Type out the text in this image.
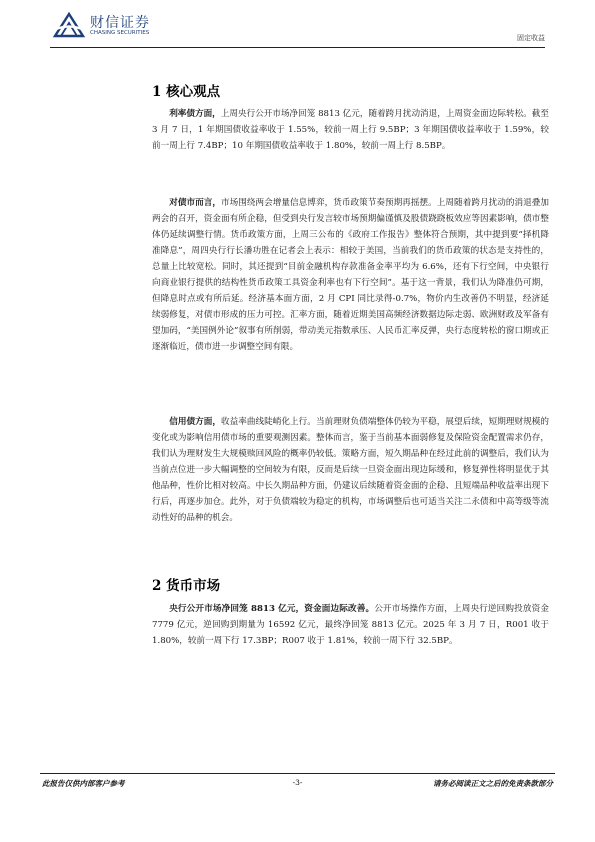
财信证券
CHASING SECURITIES
固定收益
1 核心观点

利率债方面，上周央行公开市场净回笼 8813 亿元，随着跨月扰动消退，上周资金面边际转松。截至 3 月 7 日，1 年期国债收益率收于 1.55%，较前一周上行 9.5BP；3 年期国债收益率收于 1.59%，较前一周上行 7.4BP；10 年期国债收益率收于 1.80%，较前一周上行 8.5BP。

对债市而言，市场围绕两会增量信息博弈，货币政策节奏预期再摇摆。上周随着跨月扰动的消退叠加两会的召开，资金面有所企稳，但受到央行发言较市场预期偏谨慎及股债跷跷板效应等因素影响，债市整体仍延续调整行情。货币政策方面，上周三公布的《政府工作报告》整体符合预期，其中提到要“择机降准降息”，周四央行行长潘功胜在记者会上表示：相较于美国，当前我们的货币政策的状态是支持性的，总量上比较宽松。同时，其还提到“目前金融机构存款准备金率平均为 6.6%，还有下行空间，中央银行向商业银行提供的结构性货币政策工具资金利率也有下行空间”。基于这一背景，我们认为降准仍可期，但降息时点或有所后延。经济基本面方面，2 月 CPI 同比录得-0.7%，物价内生改善仍不明显，经济延续弱修复，对债市形成的压力可控。汇率方面，随着近期美国高频经济数据边际走弱、欧洲财政及军备有望加码，“美国例外论”叙事有所削弱，带动美元指数承压、人民币汇率反弹，央行态度转松的窗口期或正逐渐临近，债市进一步调整空间有限。

信用债方面，收益率曲线陡峭化上行。当前理财负债端整体仍较为平稳，展望后续，短期理财规模的变化或为影响信用债市场的重要观测因素。整体而言，鉴于当前基本面弱修复及保险资金配置需求仍存，我们认为理财发生大规模赎回风险的概率仍较低。策略方面，短久期品种在经过此前的调整后，我们认为当前点位进一步大幅调整的空间较为有限，反而是后续一旦资金面出现边际缓和，修复弹性将明显优于其他品种，性价比相对较高。中长久期品种方面，仍建议后续随着资金面的企稳、且短端品种收益率出现下行后，再逐步加仓。此外，对于负债端较为稳定的机构，市场调整后也可适当关注二永债和中高等级等流动性好的品种的机会。

2 货币市场

央行公开市场净回笼 8813 亿元，资金面边际改善。公开市场操作方面，上周央行逆回购投放资金 7779 亿元，逆回购到期量为 16592 亿元，最终净回笼 8813 亿元。2025 年 3 月 7 日，R001 收于 1.80%，较前一周下行 17.3BP；R007 收于 1.81%，较前一周下行 32.5BP。

此报告仅供内部客户参考	-3-	请务必阅读正文之后的免责条款部分
